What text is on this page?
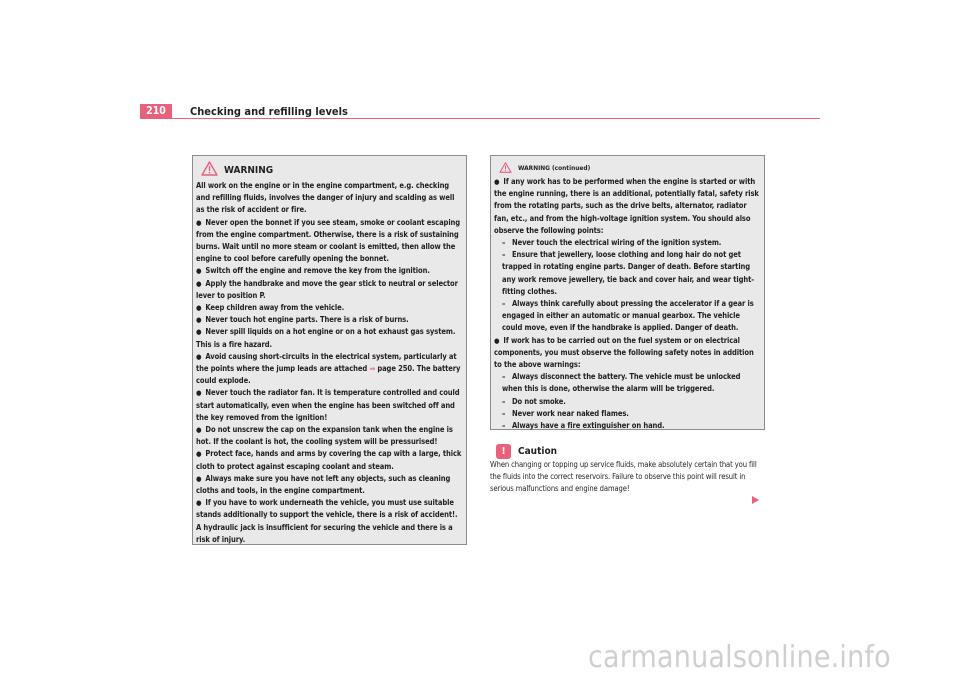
210	Checking and refilling levels
WARNING

All work on the engine or in the engine compartment, e.g. checking and refilling fluids, involves the danger of injury and scalding as well as the risk of accident or fire.

● Never open the bonnet if you see steam, smoke or coolant escaping from the engine compartment. Otherwise, there is a risk of sustaining burns. Wait until no more steam or coolant is emitted, then allow the engine to cool before carefully opening the bonnet.

● Switch off the engine and remove the key from the ignition.

● Apply the handbrake and move the gear stick to neutral or selector lever to position P.

● Keep children away from the vehicle.

● Never touch hot engine parts. There is a risk of burns.

● Never spill liquids on a hot engine or on a hot exhaust gas system. This is a fire hazard.

● Avoid causing short-circuits in the electrical system, particularly at the points where the jump leads are attached ⇒ page 250. The battery could explode.

● Never touch the radiator fan. It is temperature controlled and could start automatically, even when the engine has been switched off and the key removed from the ignition!

● Do not unscrew the cap on the expansion tank when the engine is hot. If the coolant is hot, the cooling system will be pressurised!

● Protect face, hands and arms by covering the cap with a large, thick cloth to protect against escaping coolant and steam.

● Always make sure you have not left any objects, such as cleaning cloths and tools, in the engine compartment.

● If you have to work underneath the vehicle, you must use suitable stands additionally to support the vehicle, there is a risk of accident!. A hydraulic jack is insufficient for securing the vehicle and there is a risk of injury.

WARNING (continued)

● If any work has to be performed when the engine is started or with the engine running, there is an additional, potentially fatal, safety risk from the rotating parts, such as the drive belts, alternator, radiator fan, etc., and from the high-voltage ignition system. You should also observe the following points:

– Never touch the electrical wiring of the ignition system.

– Ensure that jewellery, loose clothing and long hair do not get trapped in rotating engine parts. Danger of death. Before starting any work remove jewellery, tie back and cover hair, and wear tight-fitting clothes.

– Always think carefully about pressing the accelerator if a gear is engaged in either an automatic or manual gearbox. The vehicle could move, even if the handbrake is applied. Danger of death.

● If work has to be carried out on the fuel system or on electrical components, you must observe the following safety notes in addition to the above warnings:

– Always disconnect the battery. The vehicle must be unlocked when this is done, otherwise the alarm will be triggered.

– Do not smoke.

– Never work near naked flames.

– Always have a fire extinguisher on hand.

!	Caution
When changing or topping up service fluids, make absolutely certain that you fill the fluids into the correct reservoirs. Failure to observe this point will result in serious malfunctions and engine damage!
carmanualsonline.info
